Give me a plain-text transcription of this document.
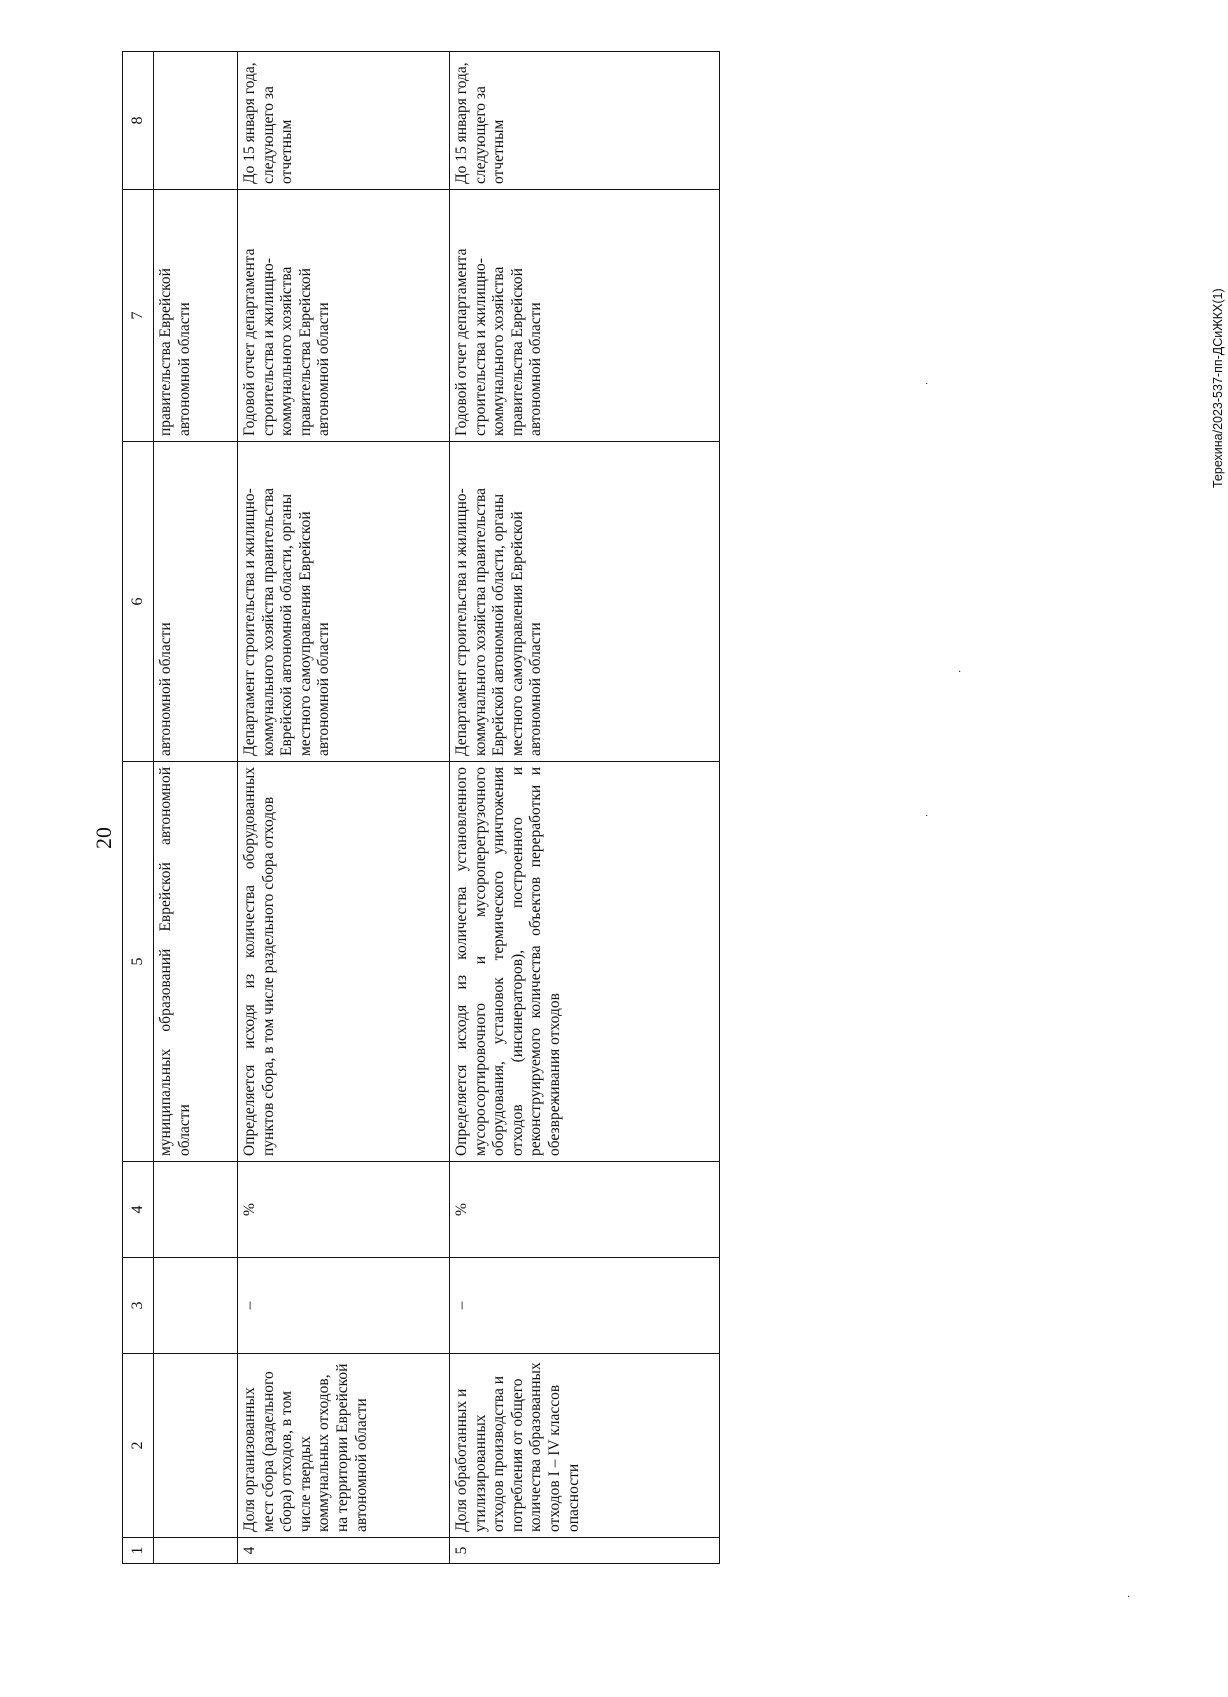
20
Терехина/2023-537-пп-ДСиЖКХ(1)
1	2	3	4	5	6	7	8
				муниципальных образований Еврейской автономной области	автономной области	правительства Еврейской автономной области	
4	Доля организованных мест сбора (раздельного сбора) отходов, в том числе твердых коммунальных отходов, на территории Еврейской автономной области	–	%	Определяется исходя из количества оборудованных пунктов сбора, в том числе раздельного сбора отходов	Департамент строительства и жилищно-коммунального хозяйства правительства Еврейской автономной области, органы местного самоуправления Еврейской автономной области	Годовой отчет департамента строительства и жилищно-коммунального хозяйства правительства Еврейской автономной области	До 15 января года, следующего за отчетным
5	Доля обработанных и утилизированных отходов производства и потребления от общего количества образованных отходов I – IV классов опасности	–	%	Определяется исходя из количества установленного мусоросортировочного и мусороперегрузочного оборудования, установок термического уничтожения отходов (инсинераторов), построенного и реконструируемого количества объектов переработки и обезвреживания отходов	Департамент строительства и жилищно-коммунального хозяйства правительства Еврейской автономной области, органы местного самоуправления Еврейской автономной области	Годовой отчет департамента строительства и жилищно-коммунального хозяйства правительства Еврейской автономной области	До 15 января года, следующего за отчетным
·
·
·
·
